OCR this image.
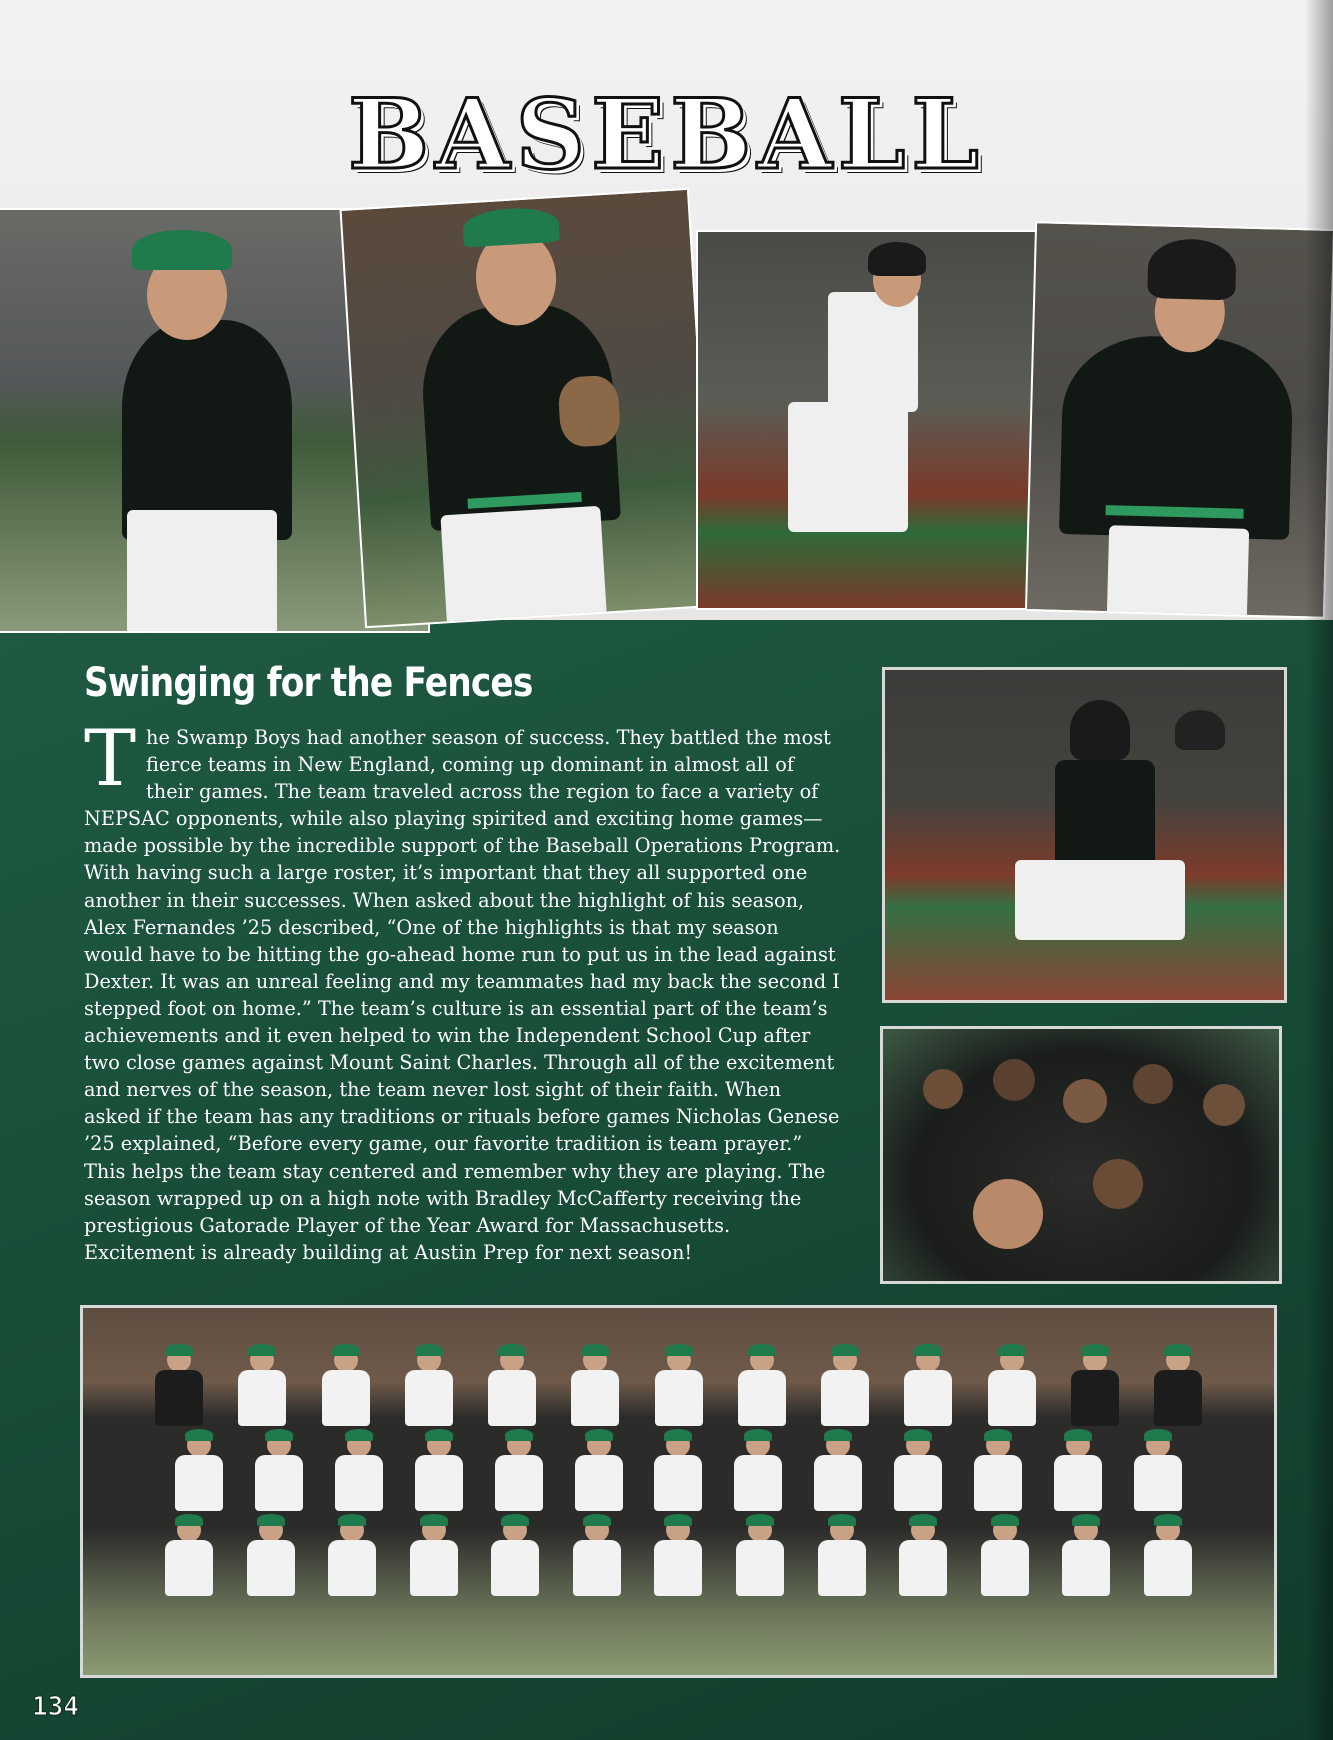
BASEBALL
Swinging for the Fences
The Swamp Boys had another season of success. They battled the most fierce teams in New England, coming up dominant in almost all of their games. The team traveled across the region to face a variety of NEPSAC opponents, while also playing spirited and exciting home games—made possible by the incredible support of the Baseball Operations Program. With having such a large roster, it’s important that they all supported one another in their successes. When asked about the highlight of his season, Alex Fernandes ’25 described, “One of the highlights is that my season would have to be hitting the go-ahead home run to put us in the lead against Dexter. It was an unreal feeling and my teammates had my back the second I stepped foot on home.” The team’s culture is an essential part of the team’s achievements and it even helped to win the Independent School Cup after two close games against Mount Saint Charles. Through all of the excitement and nerves of the season, the team never lost sight of their faith. When asked if the team has any traditions or rituals before games Nicholas Genese ’25 explained, “Before every game, our favorite tradition is team prayer.” This helps the team stay centered and remember why they are playing. The season wrapped up on a high note with Bradley McCafferty receiving the prestigious Gatorade Player of the Year Award for Massachusetts. Excitement is already building at Austin Prep for next season!
134
